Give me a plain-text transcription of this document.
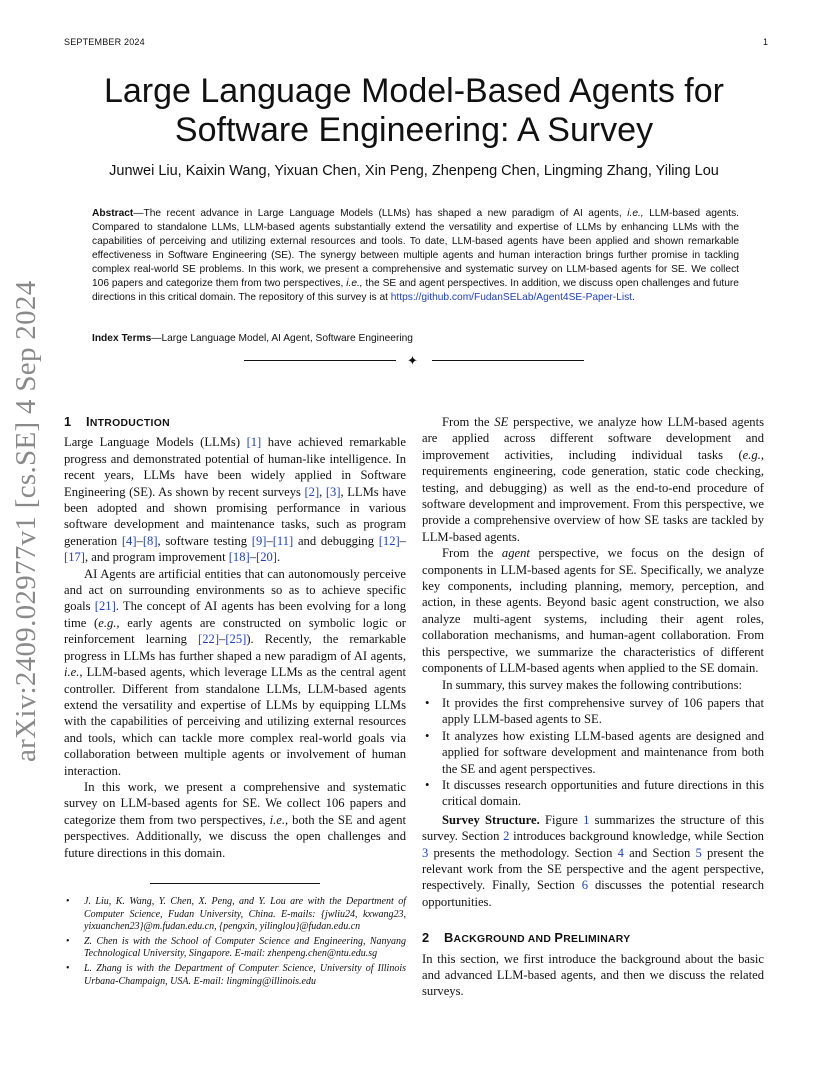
SEPTEMBER 2024	1
arXiv:2409.02977v1 [cs.SE] 4 Sep 2024
Large Language Model-Based Agents for Software Engineering: A Survey
Junwei Liu, Kaixin Wang, Yixuan Chen, Xin Peng, Zhenpeng Chen, Lingming Zhang, Yiling Lou

Abstract—The recent advance in Large Language Models (LLMs) has shaped a new paradigm of AI agents, i.e., LLM-based agents. Compared to standalone LLMs, LLM-based agents substantially extend the versatility and expertise of LLMs by enhancing LLMs with the capabilities of perceiving and utilizing external resources and tools. To date, LLM-based agents have been applied and shown remarkable effectiveness in Software Engineering (SE). The synergy between multiple agents and human interaction brings further promise in tackling complex real-world SE problems. In this work, we present a comprehensive and systematic survey on LLM-based agents for SE. We collect 106 papers and categorize them from two perspectives, i.e., the SE and agent perspectives. In addition, we discuss open challenges and future directions in this critical domain. The repository of this survey is at https://github.com/FudanSELab/Agent4SE-Paper-List.

Index Terms—Large Language Model, AI Agent, Software Engineering

✦
1 INTRODUCTION

Large Language Models (LLMs) [1] have achieved remarkable progress and demonstrated potential of human-like intelligence. In recent years, LLMs have been widely applied in Software Engineering (SE). As shown by recent surveys [2], [3], LLMs have been adopted and shown promising performance in various software development and maintenance tasks, such as program generation [4]–[8], software testing [9]–[11] and debugging [12]–[17], and program improvement [18]–[20].

AI Agents are artificial entities that can autonomously perceive and act on surrounding environments so as to achieve specific goals [21]. The concept of AI agents has been evolving for a long time (e.g., early agents are constructed on symbolic logic or reinforcement learning [22]–[25]). Recently, the remarkable progress in LLMs has further shaped a new paradigm of AI agents, i.e., LLM-based agents, which leverage LLMs as the central agent controller. Different from standalone LLMs, LLM-based agents extend the versatility and expertise of LLMs by equipping LLMs with the capabilities of perceiving and utilizing external resources and tools, which can tackle more complex real-world goals via collaboration between multiple agents or involvement of human interaction.

In this work, we present a comprehensive and systematic survey on LLM-based agents for SE. We collect 106 papers and categorize them from two perspectives, i.e., both the SE and agent perspectives. Additionally, we discuss the open challenges and future directions in this domain.

• J. Liu, K. Wang, Y. Chen, X. Peng, and Y. Lou are with the Department of Computer Science, Fudan University, China. E-mails: {jwliu24, kxwang23, yixuanchen23}@m.fudan.edu.cn, {pengxin, yilinglou}@fudan.edu.cn
• Z. Chen is with the School of Computer Science and Engineering, Nanyang Technological University, Singapore. E-mail: zhenpeng.chen@ntu.edu.sg
• L. Zhang is with the Department of Computer Science, University of Illinois Urbana-Champaign, USA. E-mail: lingming@illinois.edu

From the SE perspective, we analyze how LLM-based agents are applied across different software development and improvement activities, including individual tasks (e.g., requirements engineering, code generation, static code checking, testing, and debugging) as well as the end-to-end procedure of software development and improvement. From this perspective, we provide a comprehensive overview of how SE tasks are tackled by LLM-based agents.

From the agent perspective, we focus on the design of components in LLM-based agents for SE. Specifically, we analyze key components, including planning, memory, perception, and action, in these agents. Beyond basic agent construction, we also analyze multi-agent systems, including their agent roles, collaboration mechanisms, and human-agent collaboration. From this perspective, we summarize the characteristics of different components of LLM-based agents when applied to the SE domain.

In summary, this survey makes the following contributions:

• It provides the first comprehensive survey of 106 papers that apply LLM-based agents to SE.
• It analyzes how existing LLM-based agents are designed and applied for software development and maintenance from both the SE and agent perspectives.
• It discusses research opportunities and future directions in this critical domain.

Survey Structure. Figure 1 summarizes the structure of this survey. Section 2 introduces background knowledge, while Section 3 presents the methodology. Section 4 and Section 5 present the relevant work from the SE perspective and the agent perspective, respectively. Finally, Section 6 discusses the potential research opportunities.

2 BACKGROUND AND PRELIMINARY

In this section, we first introduce the background about the basic and advanced LLM-based agents, and then we discuss the related surveys.
